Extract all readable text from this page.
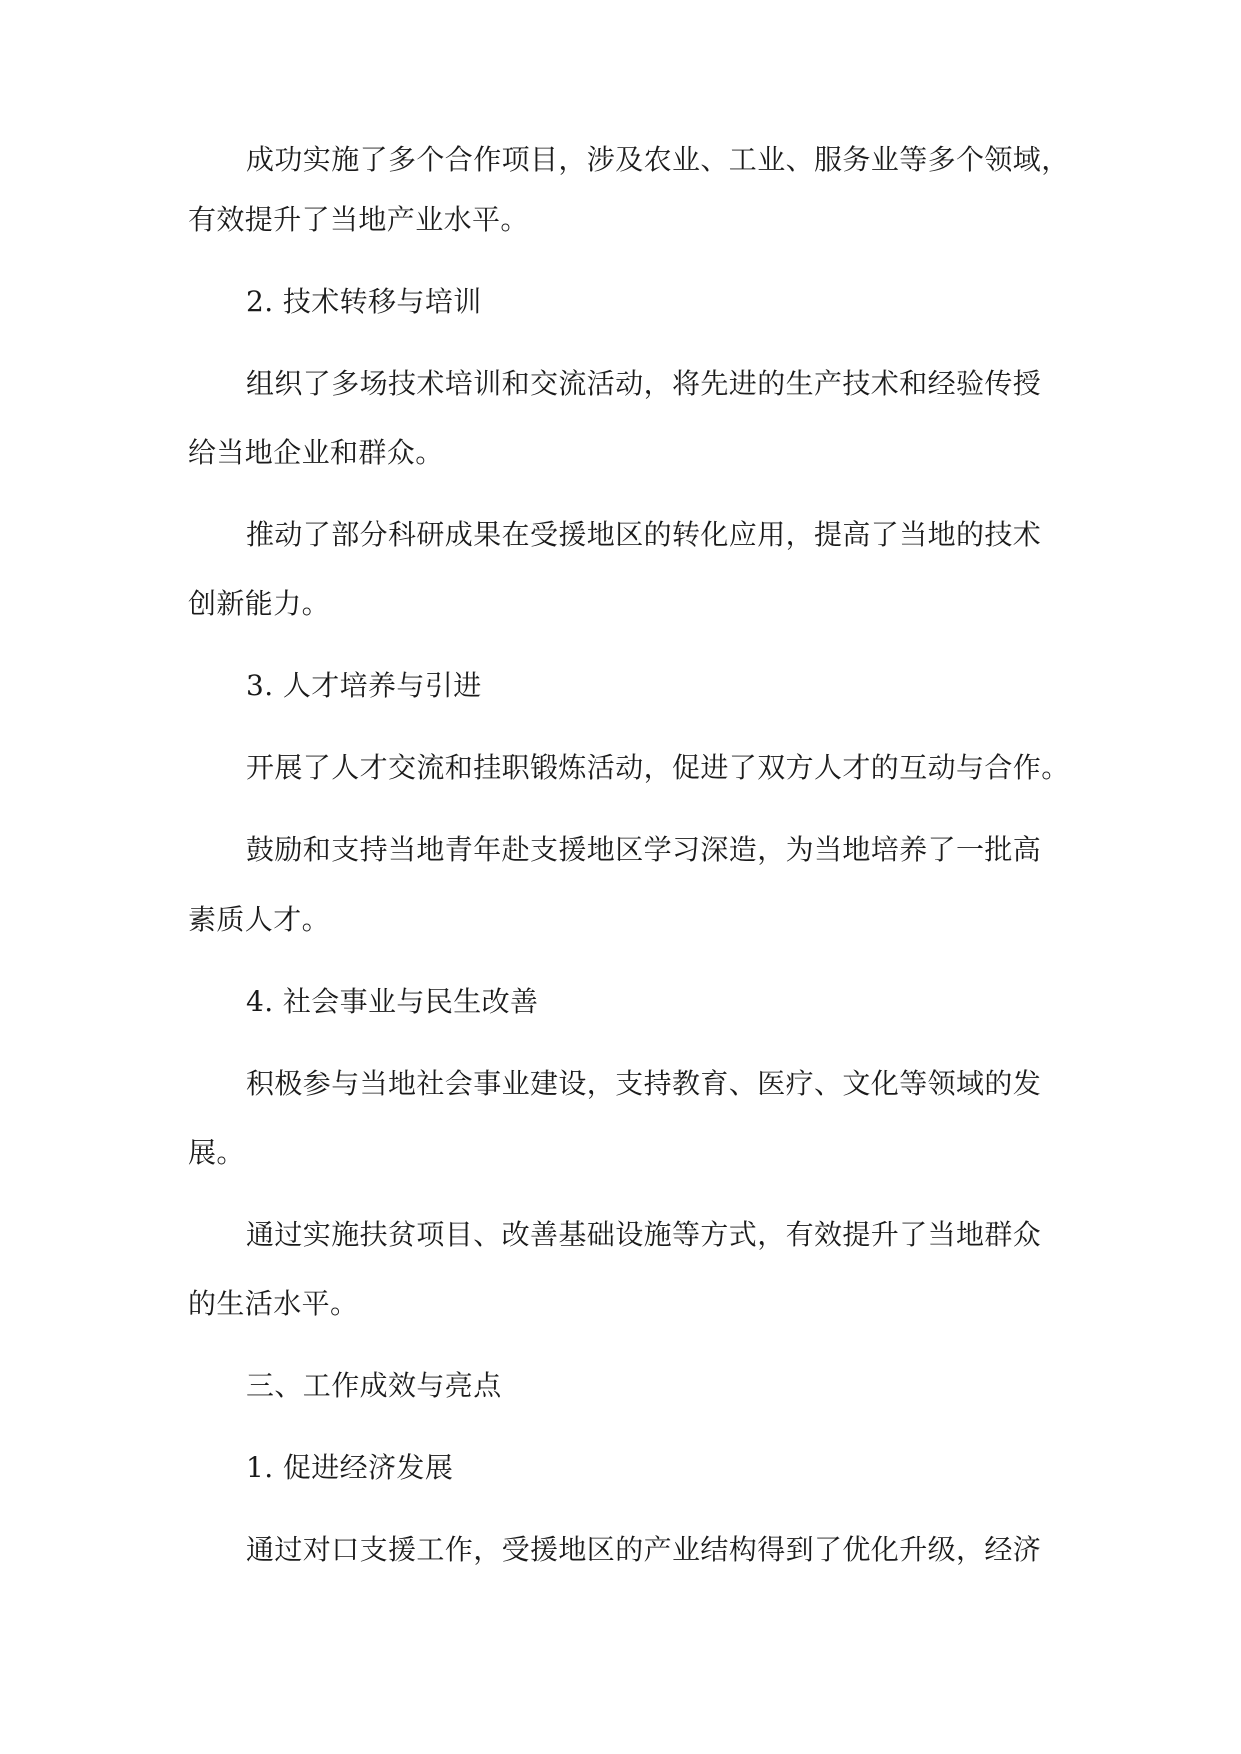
成功实施了多个合作项目，涉及农业、工业、服务业等多个领域，
有效提升了当地产业水平。
2. 技术转移与培训
组织了多场技术培训和交流活动，将先进的生产技术和经验传授
给当地企业和群众。
推动了部分科研成果在受援地区的转化应用，提高了当地的技术
创新能力。
3. 人才培养与引进
开展了人才交流和挂职锻炼活动，促进了双方人才的互动与合作。
鼓励和支持当地青年赴支援地区学习深造，为当地培养了一批高
素质人才。
4. 社会事业与民生改善
积极参与当地社会事业建设，支持教育、医疗、文化等领域的发
展。
通过实施扶贫项目、改善基础设施等方式，有效提升了当地群众
的生活水平。
三、工作成效与亮点
1. 促进经济发展
通过对口支援工作，受援地区的产业结构得到了优化升级，经济
